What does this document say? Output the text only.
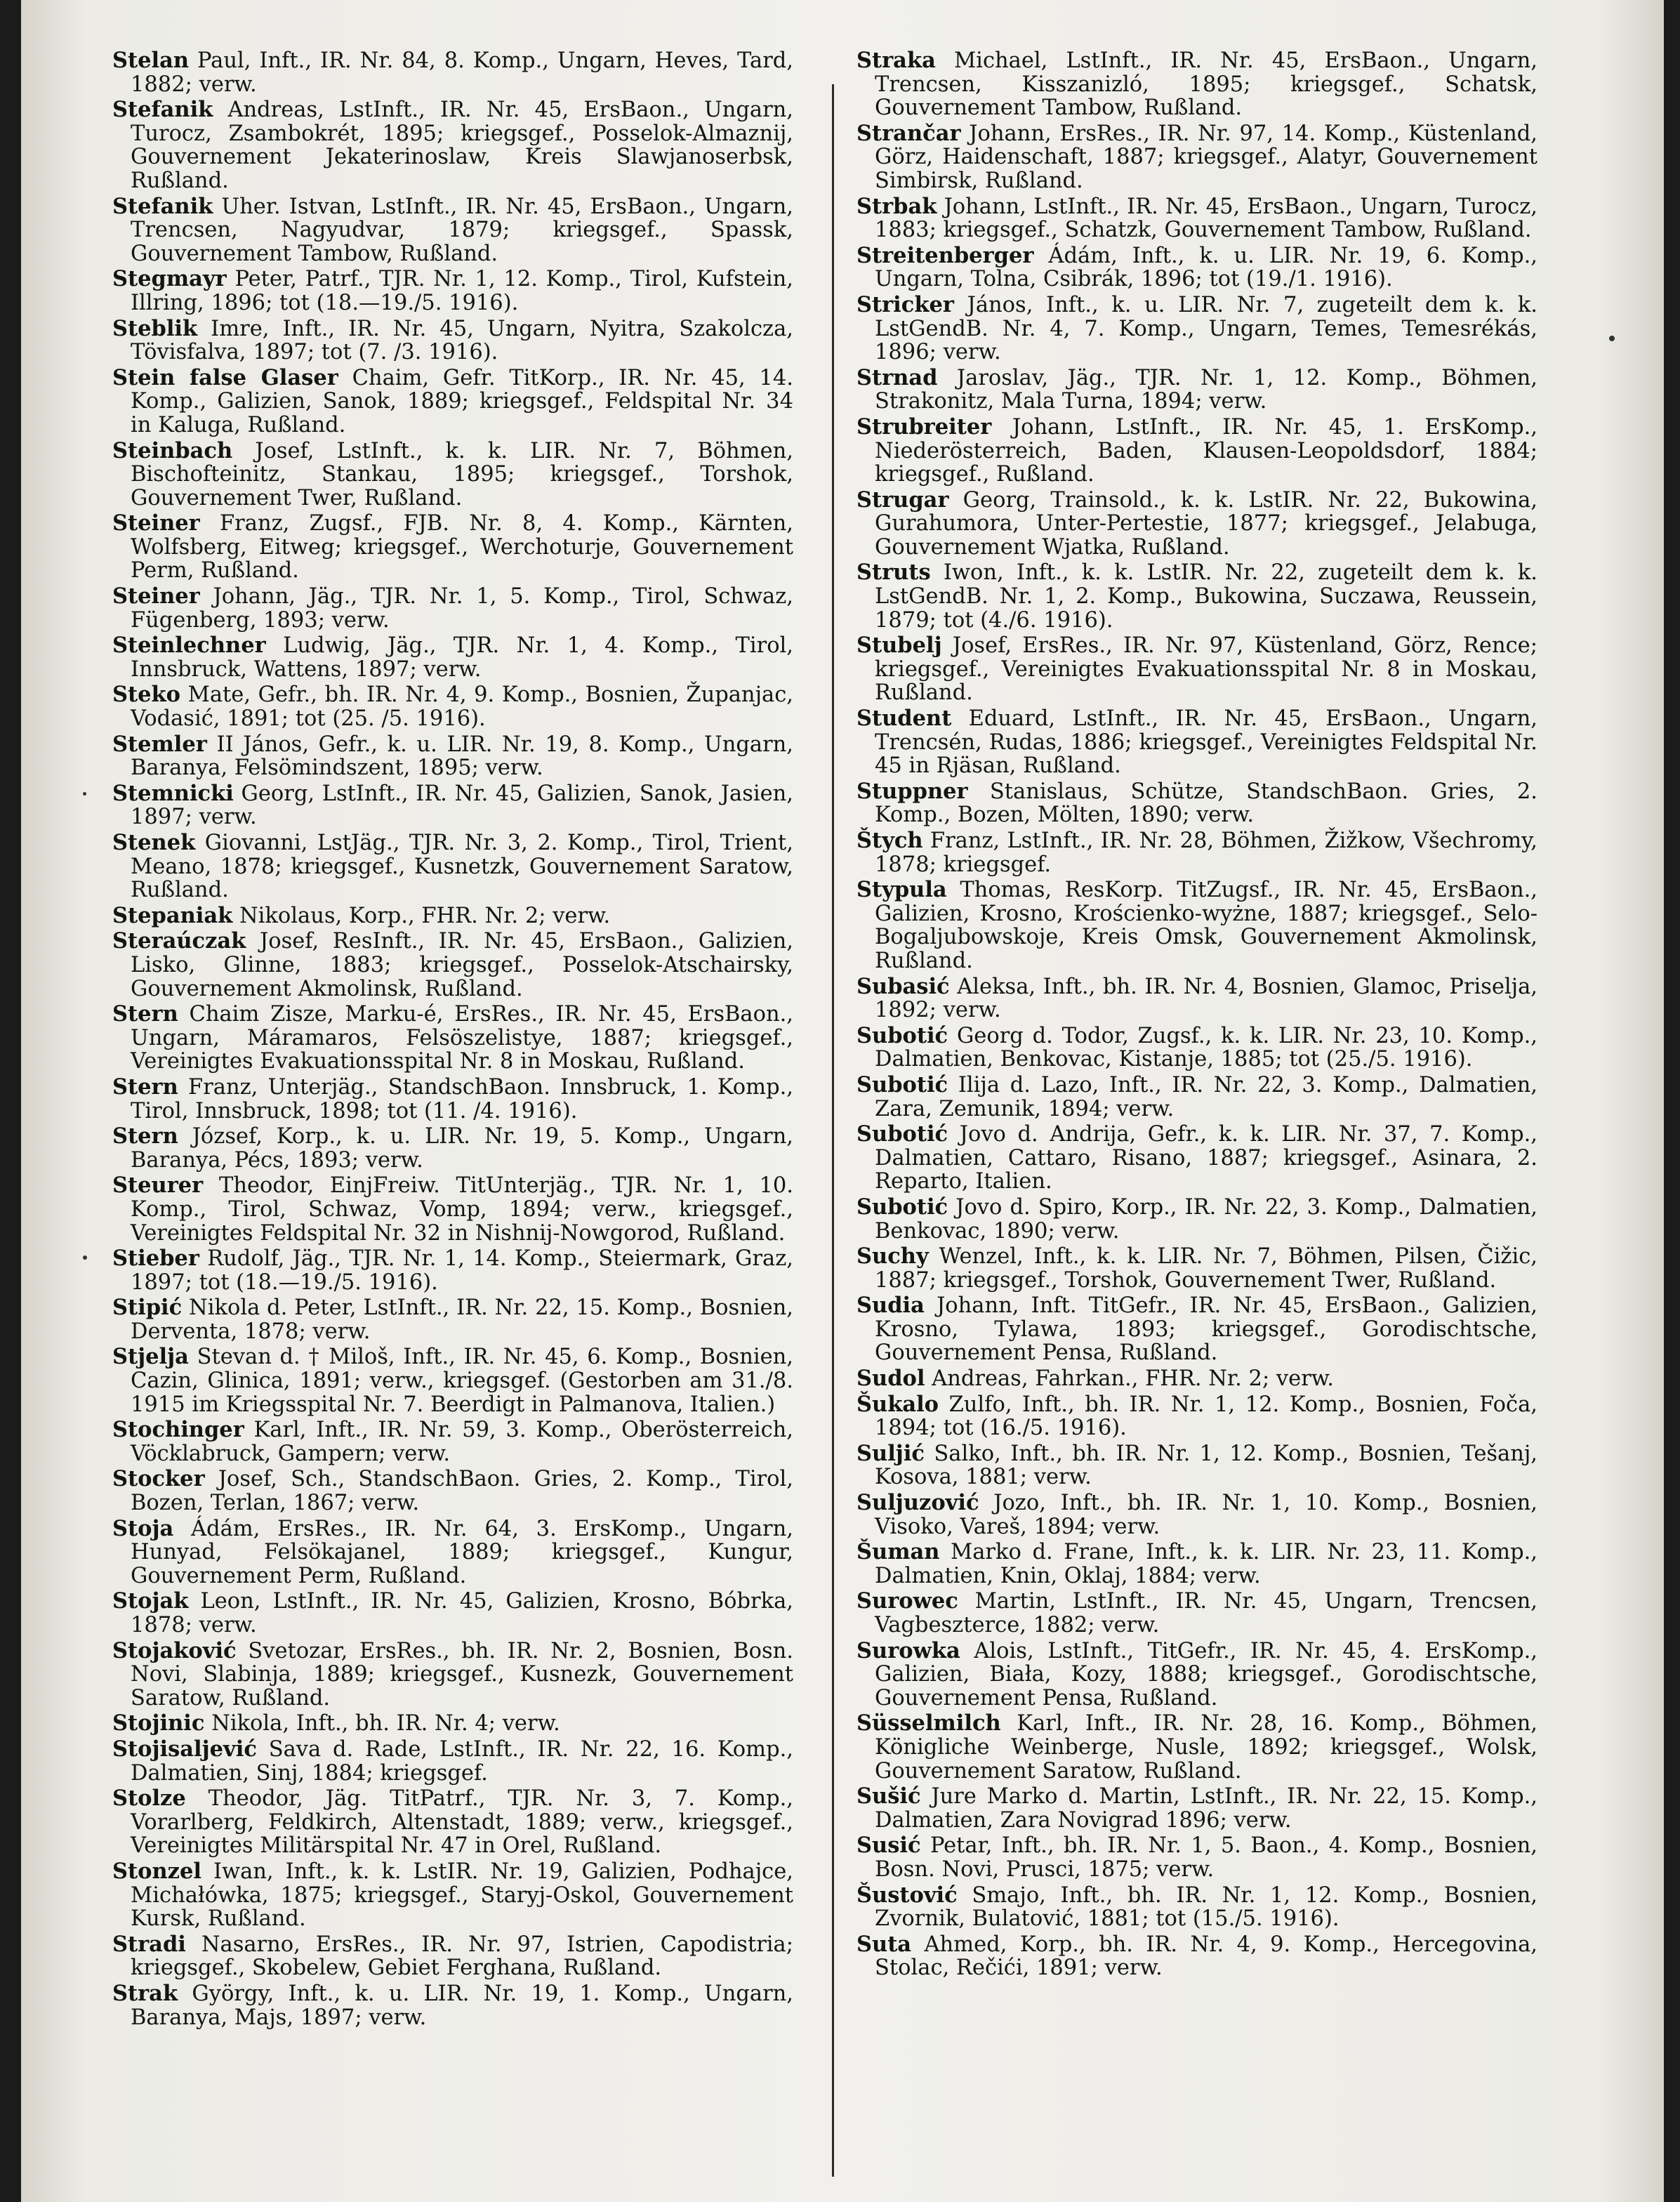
Stelan Paul, Inft., IR. Nr. 84, 8. Komp., Ungarn, Heves, Tard, 1882; verw.

Stefanik Andreas, LstInft., IR. Nr. 45, ErsBaon., Ungarn, Turocz, Zsambokrét, 1895; kriegsgef., Posselok-Almaznij, Gouvernement Jekaterinoslaw, Kreis Slawjanoserbsk, Rußland.

Stefanik Uher. Istvan, LstInft., IR. Nr. 45, ErsBaon., Ungarn, Trencsen, Nagyudvar, 1879; kriegsgef., Spassk, Gouvernement Tambow, Rußland.

Stegmayr Peter, Patrf., TJR. Nr. 1, 12. Komp., Tirol, Kufstein, Illring, 1896; tot (18.—19./5. 1916).

Steblik Imre, Inft., IR. Nr. 45, Ungarn, Nyitra, Szakolcza, Tövisfalva, 1897; tot (7. /3. 1916).

Stein false Glaser Chaim, Gefr. TitKorp., IR. Nr. 45, 14. Komp., Galizien, Sanok, 1889; kriegsgef., Feldspital Nr. 34 in Kaluga, Rußland.

Steinbach Josef, LstInft., k. k. LIR. Nr. 7, Böhmen, Bischofteinitz, Stankau, 1895; kriegsgef., Torshok, Gouvernement Twer, Rußland.

Steiner Franz, Zugsf., FJB. Nr. 8, 4. Komp., Kärnten, Wolfsberg, Eitweg; kriegsgef., Werchoturje, Gouvernement Perm, Rußland.

Steiner Johann, Jäg., TJR. Nr. 1, 5. Komp., Tirol, Schwaz, Fügenberg, 1893; verw.

Steinlechner Ludwig, Jäg., TJR. Nr. 1, 4. Komp., Tirol, Innsbruck, Wattens, 1897; verw.

Steko Mate, Gefr., bh. IR. Nr. 4, 9. Komp., Bosnien, Županjac, Vodasić, 1891; tot (25. /5. 1916).

Stemler II János, Gefr., k. u. LIR. Nr. 19, 8. Komp., Ungarn, Baranya, Felsömindszent, 1895; verw.

Stemnicki Georg, LstInft., IR. Nr. 45, Galizien, Sanok, Jasien, 1897; verw.

Stenek Giovanni, LstJäg., TJR. Nr. 3, 2. Komp., Tirol, Trient, Meano, 1878; kriegsgef., Kusnetzk, Gouvernement Saratow, Rußland.

Stepaniak Nikolaus, Korp., FHR. Nr. 2; verw.

Steraúczak Josef, ResInft., IR. Nr. 45, ErsBaon., Galizien, Lisko, Glinne, 1883; kriegsgef., Posselok-Atschairsky, Gouvernement Akmolinsk, Rußland.

Stern Chaim Zisze, Marku-é, ErsRes., IR. Nr. 45, ErsBaon., Ungarn, Máramaros, Felsöszelistye, 1887; kriegsgef., Vereinigtes Evakuationsspital Nr. 8 in Moskau, Rußland.

Stern Franz, Unterjäg., StandschBaon. Innsbruck, 1. Komp., Tirol, Innsbruck, 1898; tot (11. /4. 1916).

Stern József, Korp., k. u. LIR. Nr. 19, 5. Komp., Ungarn, Baranya, Pécs, 1893; verw.

Steurer Theodor, EinjFreiw. TitUnterjäg., TJR. Nr. 1, 10. Komp., Tirol, Schwaz, Vomp, 1894; verw., kriegsgef., Vereinigtes Feldspital Nr. 32 in Nishnij-Nowgorod, Rußland.

Stieber Rudolf, Jäg., TJR. Nr. 1, 14. Komp., Steiermark, Graz, 1897; tot (18.—19./5. 1916).

Stipić Nikola d. Peter, LstInft., IR. Nr. 22, 15. Komp., Bosnien, Derventa, 1878; verw.

Stjelja Stevan d. † Miloš, Inft., IR. Nr. 45, 6. Komp., Bosnien, Cazin, Glinica, 1891; verw., kriegsgef. (Gestorben am 31./8. 1915 im Kriegsspital Nr. 7. Beerdigt in Palmanova, Italien.)

Stochinger Karl, Inft., IR. Nr. 59, 3. Komp., Oberösterreich, Vöcklabruck, Gampern; verw.

Stocker Josef, Sch., StandschBaon. Gries, 2. Komp., Tirol, Bozen, Terlan, 1867; verw.

Stoja Ádám, ErsRes., IR. Nr. 64, 3. ErsKomp., Ungarn, Hunyad, Felsökajanel, 1889; kriegsgef., Kungur, Gouvernement Perm, Rußland.

Stojak Leon, LstInft., IR. Nr. 45, Galizien, Krosno, Bóbrka, 1878; verw.

Stojaković Svetozar, ErsRes., bh. IR. Nr. 2, Bosnien, Bosn. Novi, Slabinja, 1889; kriegsgef., Kusnezk, Gouvernement Saratow, Rußland.

Stojinic Nikola, Inft., bh. IR. Nr. 4; verw.

Stojisaljević Sava d. Rade, LstInft., IR. Nr. 22, 16. Komp., Dalmatien, Sinj, 1884; kriegsgef.

Stolze Theodor, Jäg. TitPatrf., TJR. Nr. 3, 7. Komp., Vorarlberg, Feldkirch, Altenstadt, 1889; verw., kriegsgef., Vereinigtes Militärspital Nr. 47 in Orel, Rußland.

Stonzel Iwan, Inft., k. k. LstIR. Nr. 19, Galizien, Podhajce, Michałówka, 1875; kriegsgef., Staryj-Oskol, Gouvernement Kursk, Rußland.

Stradi Nasarno, ErsRes., IR. Nr. 97, Istrien, Capodistria; kriegsgef., Skobelew, Gebiet Ferghana, Rußland.

Strak György, Inft., k. u. LIR. Nr. 19, 1. Komp., Ungarn, Baranya, Majs, 1897; verw.

Straka Michael, LstInft., IR. Nr. 45, ErsBaon., Ungarn, Trencsen, Kisszanizló, 1895; kriegsgef., Schatsk, Gouvernement Tambow, Rußland.

Strančar Johann, ErsRes., IR. Nr. 97, 14. Komp., Küstenland, Görz, Haidenschaft, 1887; kriegsgef., Alatyr, Gouvernement Simbirsk, Rußland.

Strbak Johann, LstInft., IR. Nr. 45, ErsBaon., Ungarn, Turocz, 1883; kriegsgef., Schatzk, Gouvernement Tambow, Rußland.

Streitenberger Ádám, Inft., k. u. LIR. Nr. 19, 6. Komp., Ungarn, Tolna, Csibrák, 1896; tot (19./1. 1916).

Stricker János, Inft., k. u. LIR. Nr. 7, zugeteilt dem k. k. LstGendB. Nr. 4, 7. Komp., Ungarn, Temes, Temesrékás, 1896; verw.

Strnad Jaroslav, Jäg., TJR. Nr. 1, 12. Komp., Böhmen, Strakonitz, Mala Turna, 1894; verw.

Strubreiter Johann, LstInft., IR. Nr. 45, 1. ErsKomp., Niederösterreich, Baden, Klausen-Leopoldsdorf, 1884; kriegsgef., Rußland.

Strugar Georg, Trainsold., k. k. LstIR. Nr. 22, Bukowina, Gurahumora, Unter-Pertestie, 1877; kriegsgef., Jelabuga, Gouvernement Wjatka, Rußland.

Struts Iwon, Inft., k. k. LstIR. Nr. 22, zugeteilt dem k. k. LstGendB. Nr. 1, 2. Komp., Bukowina, Suczawa, Reussein, 1879; tot (4./6. 1916).

Stubelj Josef, ErsRes., IR. Nr. 97, Küstenland, Görz, Rence; kriegsgef., Vereinigtes Evakuationsspital Nr. 8 in Moskau, Rußland.

Student Eduard, LstInft., IR. Nr. 45, ErsBaon., Ungarn, Trencsén, Rudas, 1886; kriegsgef., Vereinigtes Feldspital Nr. 45 in Rjäsan, Rußland.

Stuppner Stanislaus, Schütze, StandschBaon. Gries, 2. Komp., Bozen, Mölten, 1890; verw.

Štych Franz, LstInft., IR. Nr. 28, Böhmen, Žižkow, Všechromy, 1878; kriegsgef.

Stypula Thomas, ResKorp. TitZugsf., IR. Nr. 45, ErsBaon., Galizien, Krosno, Krościenko-wyżne, 1887; kriegsgef., Selo-Bogaljubowskoje, Kreis Omsk, Gouvernement Akmolinsk, Rußland.

Subasić Aleksa, Inft., bh. IR. Nr. 4, Bosnien, Glamoc, Priselja, 1892; verw.

Subotić Georg d. Todor, Zugsf., k. k. LIR. Nr. 23, 10. Komp., Dalmatien, Benkovac, Kistanje, 1885; tot (25./5. 1916).

Subotić Ilija d. Lazo, Inft., IR. Nr. 22, 3. Komp., Dalmatien, Zara, Zemunik, 1894; verw.

Subotić Jovo d. Andrija, Gefr., k. k. LIR. Nr. 37, 7. Komp., Dalmatien, Cattaro, Risano, 1887; kriegsgef., Asinara, 2. Reparto, Italien.

Subotić Jovo d. Spiro, Korp., IR. Nr. 22, 3. Komp., Dalmatien, Benkovac, 1890; verw.

Suchy Wenzel, Inft., k. k. LIR. Nr. 7, Böhmen, Pilsen, Čižic, 1887; kriegsgef., Torshok, Gouvernement Twer, Rußland.

Sudia Johann, Inft. TitGefr., IR. Nr. 45, ErsBaon., Galizien, Krosno, Tylawa, 1893; kriegsgef., Gorodischtsche, Gouvernement Pensa, Rußland.

Sudol Andreas, Fahrkan., FHR. Nr. 2; verw.

Šukalo Zulfo, Inft., bh. IR. Nr. 1, 12. Komp., Bosnien, Foča, 1894; tot (16./5. 1916).

Suljić Salko, Inft., bh. IR. Nr. 1, 12. Komp., Bosnien, Tešanj, Kosova, 1881; verw.

Suljuzović Jozo, Inft., bh. IR. Nr. 1, 10. Komp., Bosnien, Visoko, Vareš, 1894; verw.

Šuman Marko d. Frane, Inft., k. k. LIR. Nr. 23, 11. Komp., Dalmatien, Knin, Oklaj, 1884; verw.

Surowec Martin, LstInft., IR. Nr. 45, Ungarn, Trencsen, Vagbeszterce, 1882; verw.

Surowka Alois, LstInft., TitGefr., IR. Nr. 45, 4. ErsKomp., Galizien, Biała, Kozy, 1888; kriegsgef., Gorodischtsche, Gouvernement Pensa, Rußland.

Süsselmilch Karl, Inft., IR. Nr. 28, 16. Komp., Böhmen, Königliche Weinberge, Nusle, 1892; kriegsgef., Wolsk, Gouvernement Saratow, Rußland.

Sušić Jure Marko d. Martin, LstInft., IR. Nr. 22, 15. Komp., Dalmatien, Zara Novigrad 1896; verw.

Susić Petar, Inft., bh. IR. Nr. 1, 5. Baon., 4. Komp., Bosnien, Bosn. Novi, Prusci, 1875; verw.

Šustović Smajo, Inft., bh. IR. Nr. 1, 12. Komp., Bosnien, Zvornik, Bulatović, 1881; tot (15./5. 1916).

Suta Ahmed, Korp., bh. IR. Nr. 4, 9. Komp., Hercegovina, Stolac, Rečići, 1891; verw.
